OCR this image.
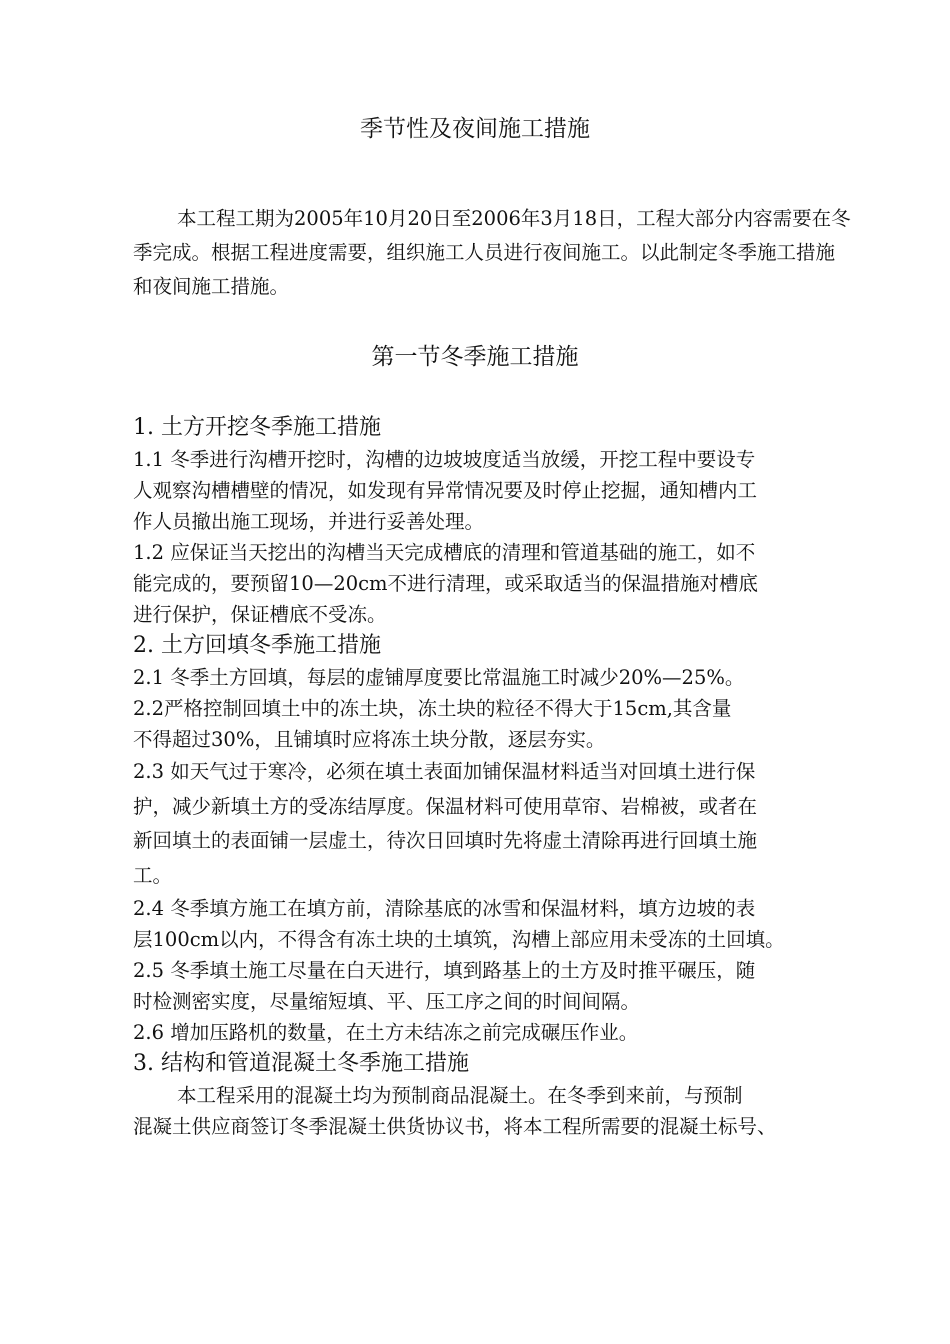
季节性及夜间施工措施

本工程工期为2005年10月20日至2006年3月18日，工程大部分内容需要在冬季完成。根据工程进度需要，组织施工人员进行夜间施工。以此制定冬季施工措施和夜间施工措施。

第一节冬季施工措施
1. 土方开挖冬季施工措施
1.1 冬季进行沟槽开挖时，沟槽的边坡坡度适当放缓，开挖工程中要设专
人观察沟槽槽壁的情况，如发现有异常情况要及时停止挖掘，通知槽内工
作人员撤出施工现场，并进行妥善处理。
1.2 应保证当天挖出的沟槽当天完成槽底的清理和管道基础的施工，如不
能完成的，要预留10—20cm不进行清理，或采取适当的保温措施对槽底
进行保护，保证槽底不受冻。
2. 土方回填冬季施工措施
2.1 冬季土方回填，每层的虚铺厚度要比常温施工时减少20%—25%。
2.2严格控制回填土中的冻土块，冻土块的粒径不得大于15cm,其含量
不得超过30%，且铺填时应将冻土块分散，逐层夯实。
2.3 如天气过于寒冷，必须在填土表面加铺保温材料适当对回填土进行保
护，减少新填土方的受冻结厚度。保温材料可使用草帘、岩棉被，或者在
新回填土的表面铺一层虚土，待次日回填时先将虚土清除再进行回填土施
工。
2.4 冬季填方施工在填方前，清除基底的冰雪和保温材料，填方边坡的表
层100cm以内，不得含有冻土块的土填筑，沟槽上部应用未受冻的土回填。
2.5 冬季填土施工尽量在白天进行，填到路基上的土方及时推平碾压，随
时检测密实度，尽量缩短填、平、压工序之间的时间间隔。
2.6 增加压路机的数量，在土方未结冻之前完成碾压作业。
3. 结构和管道混凝土冬季施工措施
本工程采用的混凝土均为预制商品混凝土。在冬季到来前，与预制
混凝土供应商签订冬季混凝土供货协议书，将本工程所需要的混凝土标号、
